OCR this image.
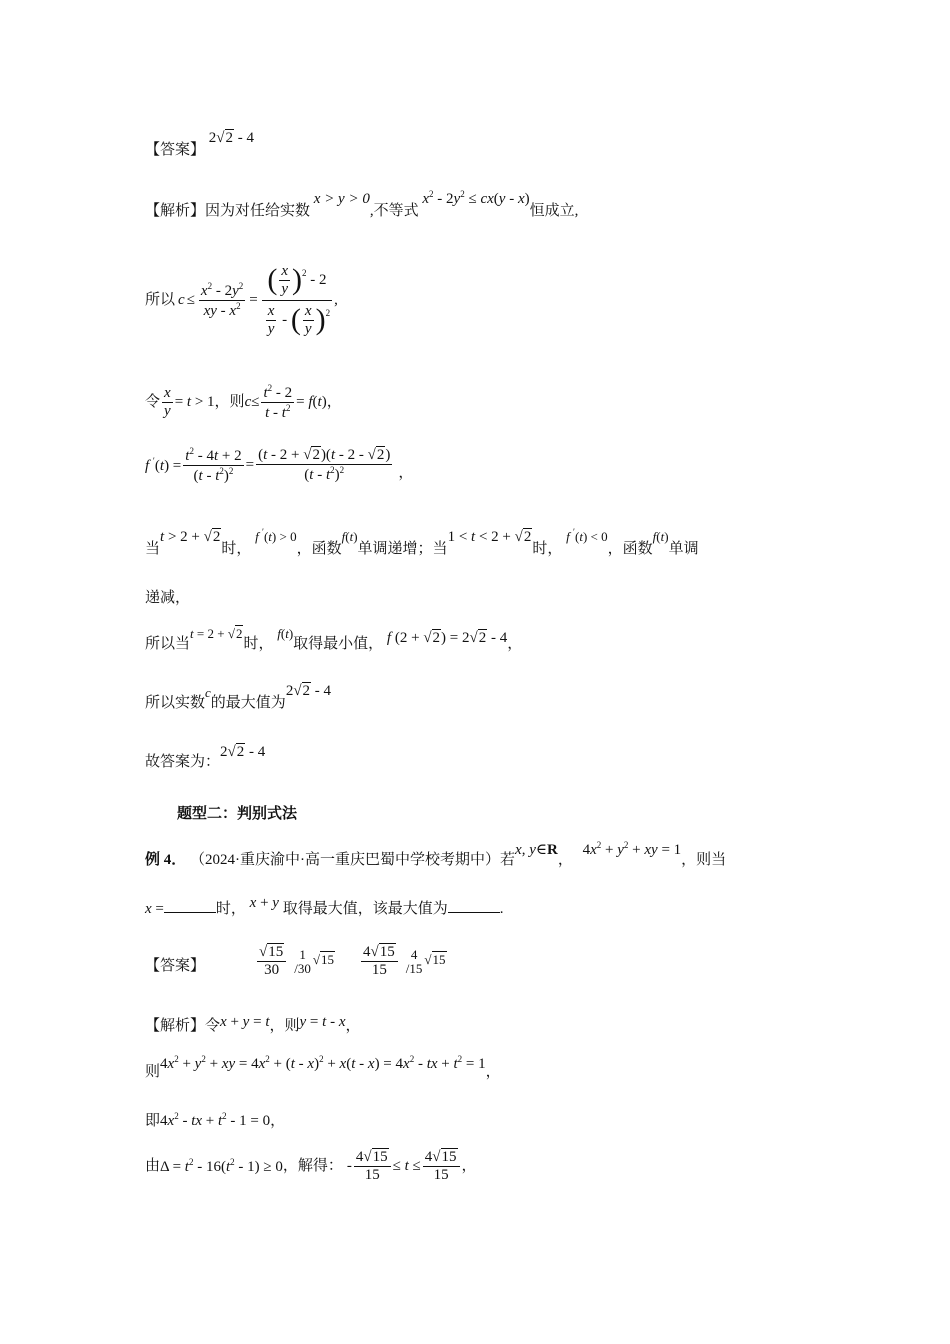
【答案】 2√2 - 4
【解析】因为对任给实数 x > y > 0,不等式 $x^2 - 2y^2 \le cx(y - x)$恒成立,
所以 $c \le \frac{x^2 - 2y^2}{xy - x^2} = \frac{( \frac{x}{y} )^2 - 2}{\frac{x}{y} - ( \frac{x}{y} )^2}$ ,
令 $\frac{x}{y} = t > 1$ ，则 $c \le \frac{t^2 - 2}{t - t^2} = f(t)$ ，
f $'(t) = \frac{t^2 - 4t + 2}{(t - t^2)^2} = \frac{(t - 2 + √2)(t - 2 - √2)}{(t - t^2)^2}$ ，
当t > 2 + √2时， f ′(t) > 0，函数f(t)单调递增；当1 < t < 2 + √2时， f ′(t) < 0，函数f(t)单调
递减，
所以当t = 2 + √2时， f(t)取得最小值， f (2 + √2) = 2√2 - 4，
所以实数c的最大值为2√2 - 4
故答案为：2√2 - 4
题型二：判别式法
例 4． （2024·重庆渝中·高一重庆巴蜀中学校考期中）若x, y∈R， $4x^2 + y^2$ + xy = 1，则当
x =	时， x + y 取得最大值，该最大值为	.
【答案】	$\frac{√15}{30}$	1
/30
$√15 \frac{4√15}{15}$	4
/15
√15
【解析】令x + y = t，则y = t - x，
则$4x^2 + y^2$ + xy = $4x^2 + (t - x)^2 + x(t - x) = 4x^2$ - tx + $t^2 = 1$，
即$4x^2$ - tx + $t^2 - 1 = 0$，
由 $\Delta = t^2 - 16(t^2 - 1) \ge 0$ ，解得： - $\frac{4√15}{15} \le t \le \frac{4√15}{15}$ ，
